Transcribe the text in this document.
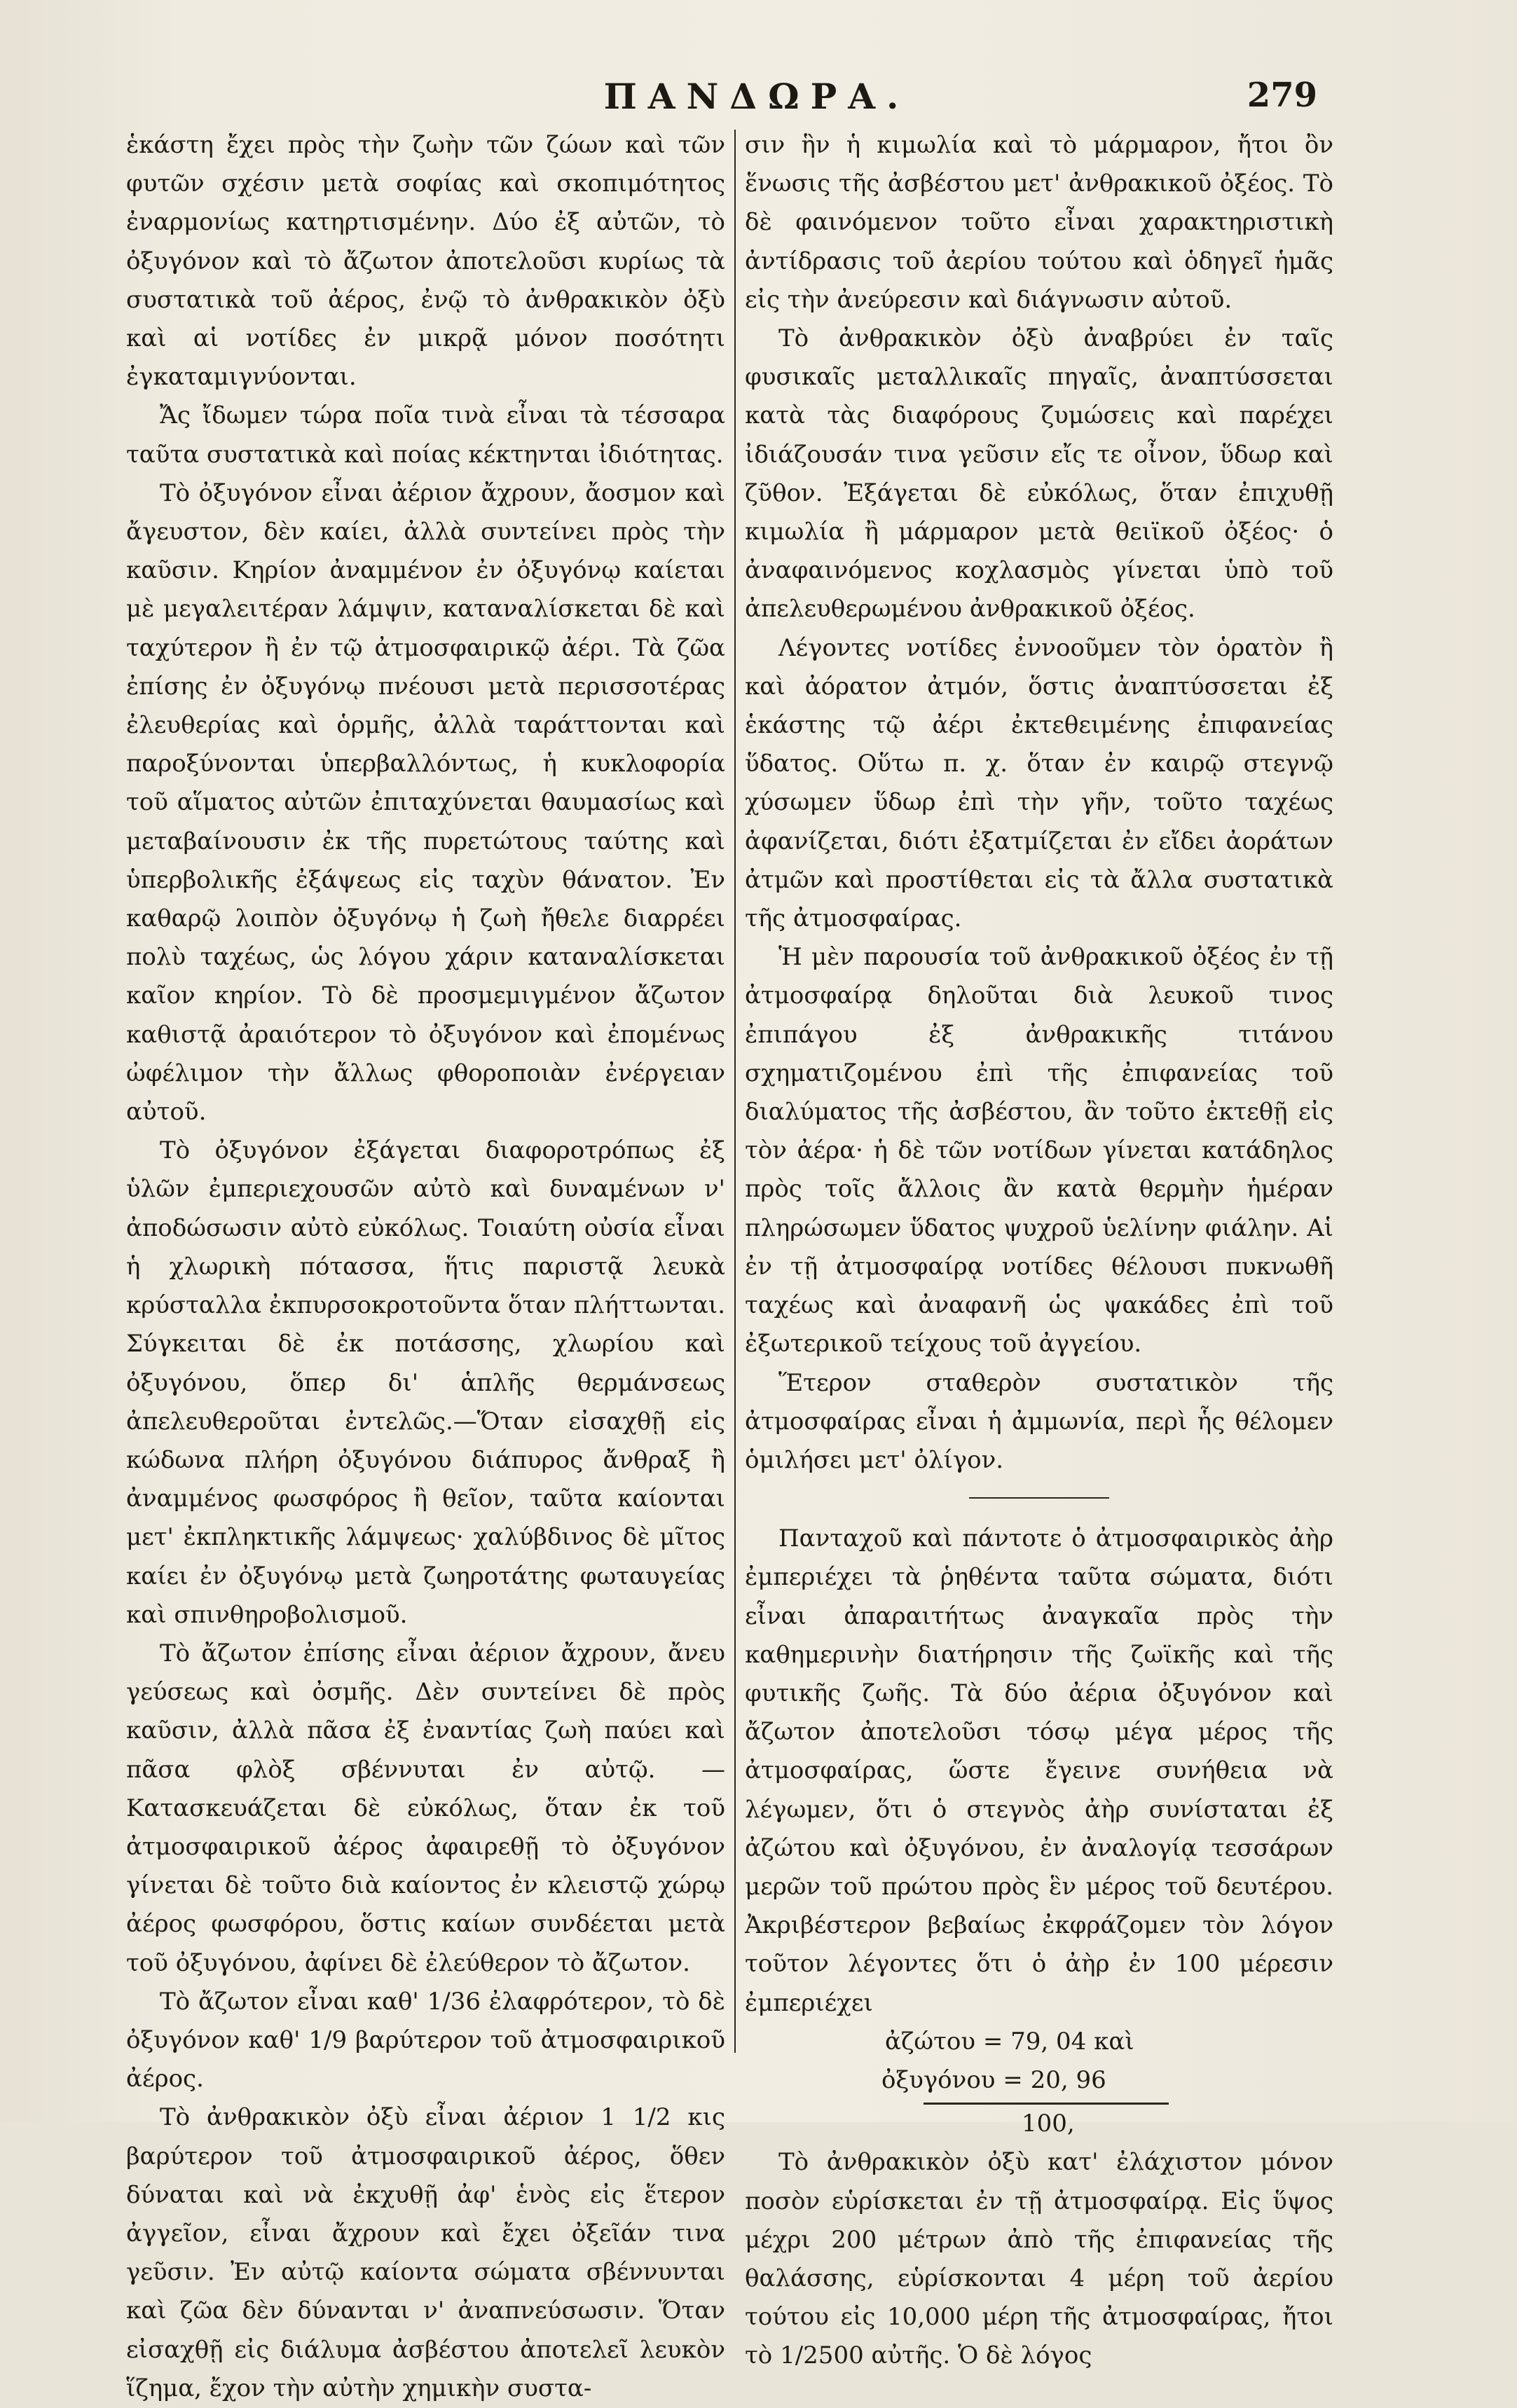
ΠΑΝΔΩΡΑ.	279

ἑκάστη ἔχει πρὸς τὴν ζωὴν τῶν ζώων καὶ τῶν φυτῶν σχέσιν μετὰ σοφίας καὶ σκοπιμότητος ἐναρμονίως κατηρτισμένην. Δύο ἐξ αὐτῶν, τὸ ὀξυγόνον καὶ τὸ ἄζωτον ἀποτελοῦσι κυρίως τὰ συστατικὰ τοῦ ἀέρος, ἐνῷ τὸ ἀνθρακικὸν ὀξὺ καὶ αἱ νοτίδες ἐν μικρᾷ μόνον ποσότητι ἐγκαταμιγνύονται.

Ἄς ἴδωμεν τώρα ποῖα τινὰ εἶναι τὰ τέσσαρα ταῦτα συστατικὰ καὶ ποίας κέκτηνται ἰδιότητας.

Τὸ ὀξυγόνον εἶναι ἀέριον ἄχρουν, ἄοσμον καὶ ἄγευστον, δὲν καίει, ἀλλὰ συντείνει πρὸς τὴν καῦσιν. Κηρίον ἀναμμένον ἐν ὀξυγόνῳ καίεται μὲ μεγαλειτέραν λάμψιν, καταναλίσκεται δὲ καὶ ταχύτερον ἢ ἐν τῷ ἀτμοσφαιρικῷ ἀέρι. Τὰ ζῶα ἐπίσης ἐν ὀξυγόνῳ πνέουσι μετὰ περισσοτέρας ἐλευθερίας καὶ ὁρμῆς, ἀλλὰ ταράττονται καὶ παροξύνονται ὑπερβαλλόντως, ἡ κυκλοφορία τοῦ αἵματος αὐτῶν ἐπιταχύνεται θαυμασίως καὶ μεταβαίνουσιν ἐκ τῆς πυρετώτους ταύτης καὶ ὑπερβολικῆς ἐξάψεως εἰς ταχὺν θάνατον. Ἐν καθαρῷ λοιπὸν ὀξυγόνῳ ἡ ζωὴ ἤθελε διαρρέει πολὺ ταχέως, ὡς λόγου χάριν καταναλίσκεται καῖον κηρίον. Τὸ δὲ προσμεμιγμένον ἄζωτον καθιστᾷ ἀραιότερον τὸ ὀξυγόνον καὶ ἐπομένως ὠφέλιμον τὴν ἄλλως φθοροποιὰν ἐνέργειαν αὐτοῦ.

Τὸ ὀξυγόνον ἐξάγεται διαφοροτρόπως ἐξ ὑλῶν ἐμπεριεχουσῶν αὐτὸ καὶ δυναμένων ν' ἀποδώσωσιν αὐτὸ εὐκόλως. Τοιαύτη οὐσία εἶναι ἡ χλωρικὴ πότασσα, ἥτις παριστᾷ λευκὰ κρύσταλλα ἐκπυρσοκροτοῦντα ὅταν πλήττωνται. Σύγκειται δὲ ἐκ ποτάσσης, χλωρίου καὶ ὀξυγόνου, ὅπερ δι' ἁπλῆς θερμάνσεως ἀπελευθεροῦται ἐντελῶς.—Ὅταν εἰσαχθῇ εἰς κώδωνα πλήρη ὀξυγόνου διάπυρος ἄνθραξ ἢ ἀναμμένος φωσφόρος ἢ θεῖον, ταῦτα καίονται μετ' ἐκπληκτικῆς λάμψεως· χαλύβδινος δὲ μῖτος καίει ἐν ὀξυγόνῳ μετὰ ζωηροτάτης φωταυγείας καὶ σπινθηροβολισμοῦ.

Τὸ ἄζωτον ἐπίσης εἶναι ἀέριον ἄχρουν, ἄνευ γεύσεως καὶ ὀσμῆς. Δὲν συντείνει δὲ πρὸς καῦσιν, ἀλλὰ πᾶσα ἐξ ἐναντίας ζωὴ παύει καὶ πᾶσα φλὸξ σβέννυται ἐν αὐτῷ. — Κατασκευάζεται δὲ εὐκόλως, ὅταν ἐκ τοῦ ἀτμοσφαιρικοῦ ἀέρος ἀφαιρεθῇ τὸ ὀξυγόνον γίνεται δὲ τοῦτο διὰ καίοντος ἐν κλειστῷ χώρῳ ἀέρος φωσφόρου, ὅστις καίων συνδέεται μετὰ τοῦ ὀξυγόνου, ἀφίνει δὲ ἐλεύθερον τὸ ἄζωτον.

Τὸ ἄζωτον εἶναι καθ' 1/36 ἐλαφρότερον, τὸ δὲ ὀξυγόνον καθ' 1/9 βαρύτερον τοῦ ἀτμοσφαιρικοῦ ἀέρος.

Τὸ ἀνθρακικὸν ὀξὺ εἶναι ἀέριον 1 1/2 κις βαρύτερον τοῦ ἀτμοσφαιρικοῦ ἀέρος, ὅθεν δύναται καὶ νὰ ἐκχυθῇ ἀφ' ἑνὸς εἰς ἕτερον ἀγγεῖον, εἶναι ἄχρουν καὶ ἔχει ὀξεῖάν τινα γεῦσιν. Ἐν αὐτῷ καίοντα σώματα σβέννυνται καὶ ζῶα δὲν δύνανται ν' ἀναπνεύσωσιν. Ὅταν εἰσαχθῇ εἰς διάλυμα ἀσβέστου ἀποτελεῖ λευκὸν ἵζημα, ἔχον τὴν αὐτὴν χημικὴν συστα-

σιν ἣν ἡ κιμωλία καὶ τὸ μάρμαρον, ἤτοι ὂν ἕνωσις τῆς ἀσβέστου μετ' ἀνθρακικοῦ ὀξέος. Τὸ δὲ φαινόμενον τοῦτο εἶναι χαρακτηριστικὴ ἀντίδρασις τοῦ ἀερίου τούτου καὶ ὁδηγεῖ ἡμᾶς εἰς τὴν ἀνεύρεσιν καὶ διάγνωσιν αὐτοῦ.

Τὸ ἀνθρακικὸν ὀξὺ ἀναβρύει ἐν ταῖς φυσικαῖς μεταλλικαῖς πηγαῖς, ἀναπτύσσεται κατὰ τὰς διαφόρους ζυμώσεις καὶ παρέχει ἰδιάζουσάν τινα γεῦσιν εἴς τε οἶνον, ὕδωρ καὶ ζῦθον. Ἐξάγεται δὲ εὐκόλως, ὅταν ἐπιχυθῇ κιμωλία ἢ μάρμαρον μετὰ θειϊκοῦ ὀξέος· ὁ ἀναφαινόμενος κοχλασμὸς γίνεται ὑπὸ τοῦ ἀπελευθερωμένου ἀνθρακικοῦ ὀξέος.

Λέγοντες νοτίδες ἐννοοῦμεν τὸν ὁρατὸν ἢ καὶ ἀόρατον ἀτμόν, ὅστις ἀναπτύσσεται ἐξ ἑκάστης τῷ ἀέρι ἐκτεθειμένης ἐπιφανείας ὕδατος. Οὕτω π. χ. ὅταν ἐν καιρῷ στεγνῷ χύσωμεν ὕδωρ ἐπὶ τὴν γῆν, τοῦτο ταχέως ἀφανίζεται, διότι ἐξατμίζεται ἐν εἴδει ἀοράτων ἀτμῶν καὶ προστίθεται εἰς τὰ ἄλλα συστατικὰ τῆς ἀτμοσφαίρας.

Ἡ μὲν παρουσία τοῦ ἀνθρακικοῦ ὀξέος ἐν τῇ ἀτμοσφαίρᾳ δηλοῦται διὰ λευκοῦ τινος ἐπιπάγου ἐξ ἀνθρακικῆς τιτάνου σχηματιζομένου ἐπὶ τῆς ἐπιφανείας τοῦ διαλύματος τῆς ἀσβέστου, ἂν τοῦτο ἐκτεθῇ εἰς τὸν ἀέρα· ἡ δὲ τῶν νοτίδων γίνεται κατάδηλος πρὸς τοῖς ἄλλοις ἂν κατὰ θερμὴν ἡμέραν πληρώσωμεν ὕδατος ψυχροῦ ὑελίνην φιάλην. Αἱ ἐν τῇ ἀτμοσφαίρᾳ νοτίδες θέλουσι πυκνωθῆ ταχέως καὶ ἀναφανῆ ὡς ψακάδες ἐπὶ τοῦ ἐξωτερικοῦ τείχους τοῦ ἀγγείου.

Ἕτερον σταθερὸν συστατικὸν τῆς ἀτμοσφαίρας εἶναι ἡ ἀμμωνία, περὶ ἧς θέλομεν ὁμιλήσει μετ' ὀλίγον.

Πανταχοῦ καὶ πάντοτε ὁ ἀτμοσφαιρικὸς ἀὴρ ἐμπεριέχει τὰ ῥηθέντα ταῦτα σώματα, διότι εἶναι ἀπαραιτήτως ἀναγκαῖα πρὸς τὴν καθημερινὴν διατήρησιν τῆς ζωϊκῆς καὶ τῆς φυτικῆς ζωῆς. Τὰ δύο ἀέρια ὀξυγόνον καὶ ἄζωτον ἀποτελοῦσι τόσῳ μέγα μέρος τῆς ἀτμοσφαίρας, ὥστε ἔγεινε συνήθεια νὰ λέγωμεν, ὅτι ὁ στεγνὸς ἀὴρ συνίσταται ἐξ ἀζώτου καὶ ὀξυγόνου, ἐν ἀναλογίᾳ τεσσάρων μερῶν τοῦ πρώτου πρὸς ἓν μέρος τοῦ δευτέρου. Ἀκριβέστερον βεβαίως ἐκφράζομεν τὸν λόγον τοῦτον λέγοντες ὅτι ὁ ἀὴρ ἐν 100 μέρεσιν ἐμπεριέχει

ἀζώτου = 79, 04 καὶ

ὀξυγόνου = 20, 96

100,

Τὸ ἀνθρακικὸν ὀξὺ κατ' ἐλάχιστον μόνον ποσὸν εὑρίσκεται ἐν τῇ ἀτμοσφαίρᾳ. Εἰς ὕψος μέχρι 200 μέτρων ἀπὸ τῆς ἐπιφανείας τῆς θαλάσσης, εὑρίσκονται 4 μέρη τοῦ ἀερίου τούτου εἰς 10,000 μέρη τῆς ἀτμοσφαίρας, ἤτοι τὸ 1/2500 αὐτῆς. Ὁ δὲ λόγος
